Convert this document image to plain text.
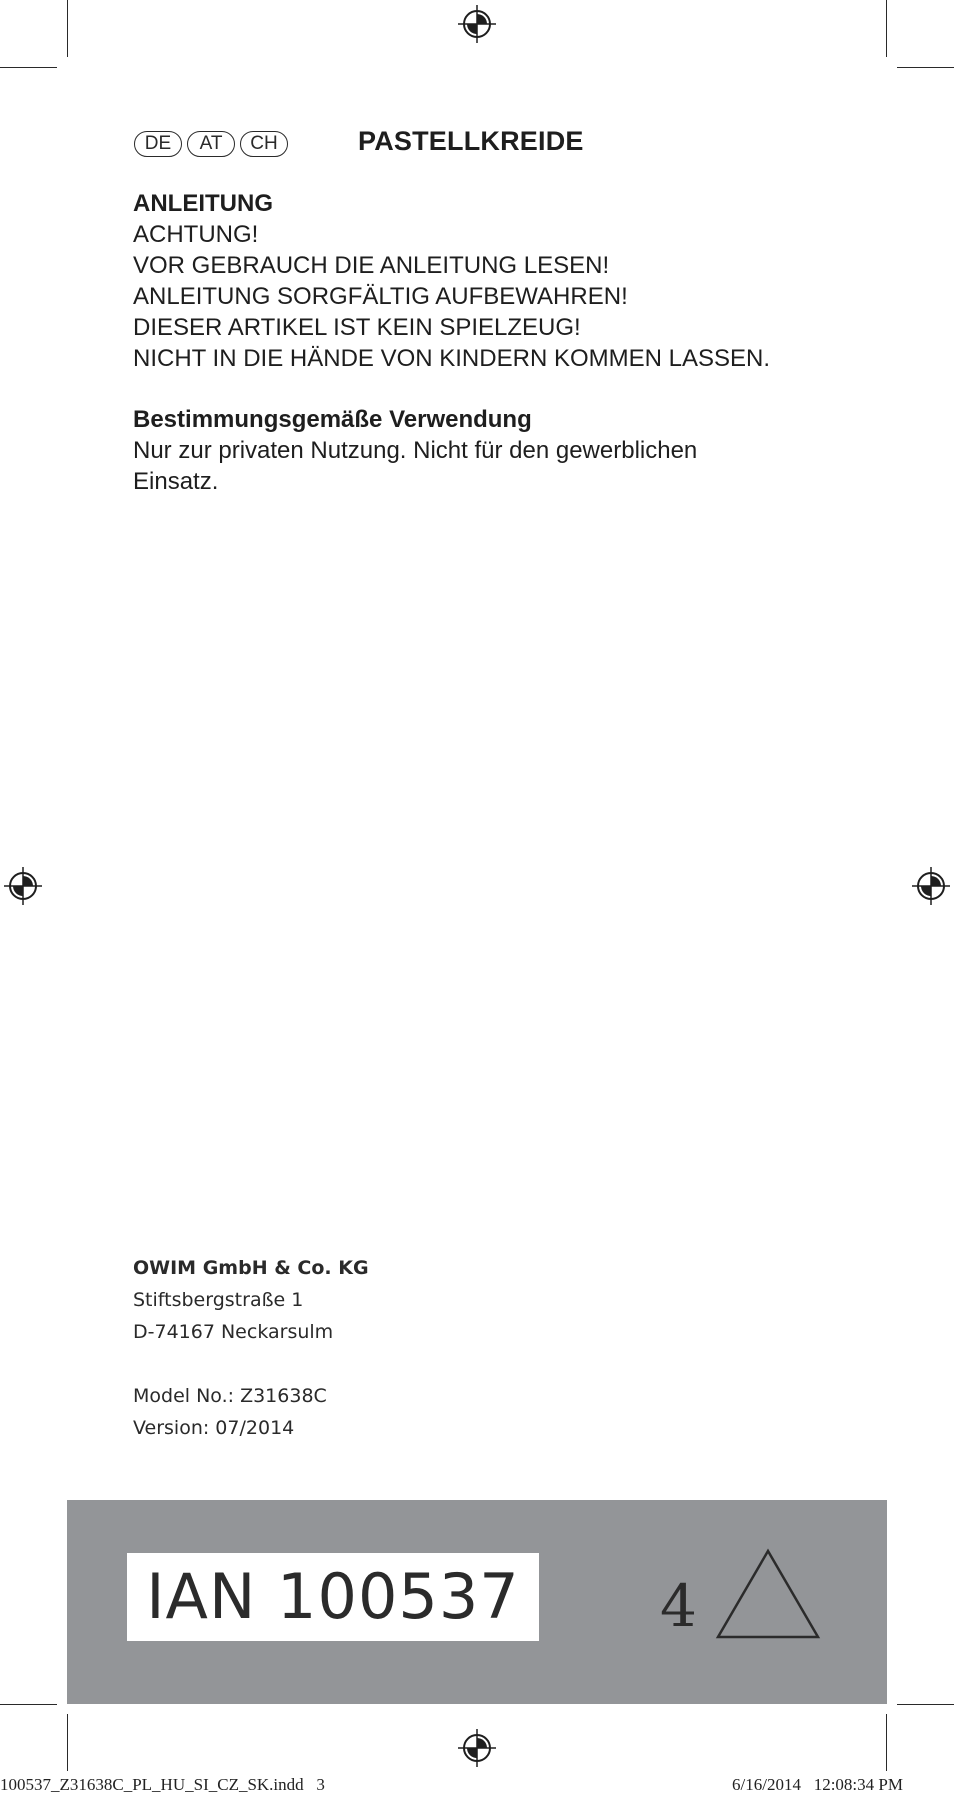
DE	AT	CH	PASTELLKREIDE
ANLEITUNG
ACHTUNG!
VOR GEBRAUCH DIE ANLEITUNG LESEN!
ANLEITUNG SORGFÄLTIG AUFBEWAHREN!
DIESER ARTIKEL IST KEIN SPIELZEUG!
NICHT IN DIE HÄNDE VON KINDERN KOMMEN LASSEN.
Bestimmungsgemäße Verwendung
Nur zur privaten Nutzung. Nicht für den gewerblichen
Einsatz.
OWIM GmbH & Co. KG
Stiftsbergstraße 1
D-74167 Neckarsulm
Model No.: Z31638C
Version: 07/2014
IAN 100537	4
100537_Z31638C_PL_HU_SI_CZ_SK.indd   3	6/16/2014   12:08:34 PM
